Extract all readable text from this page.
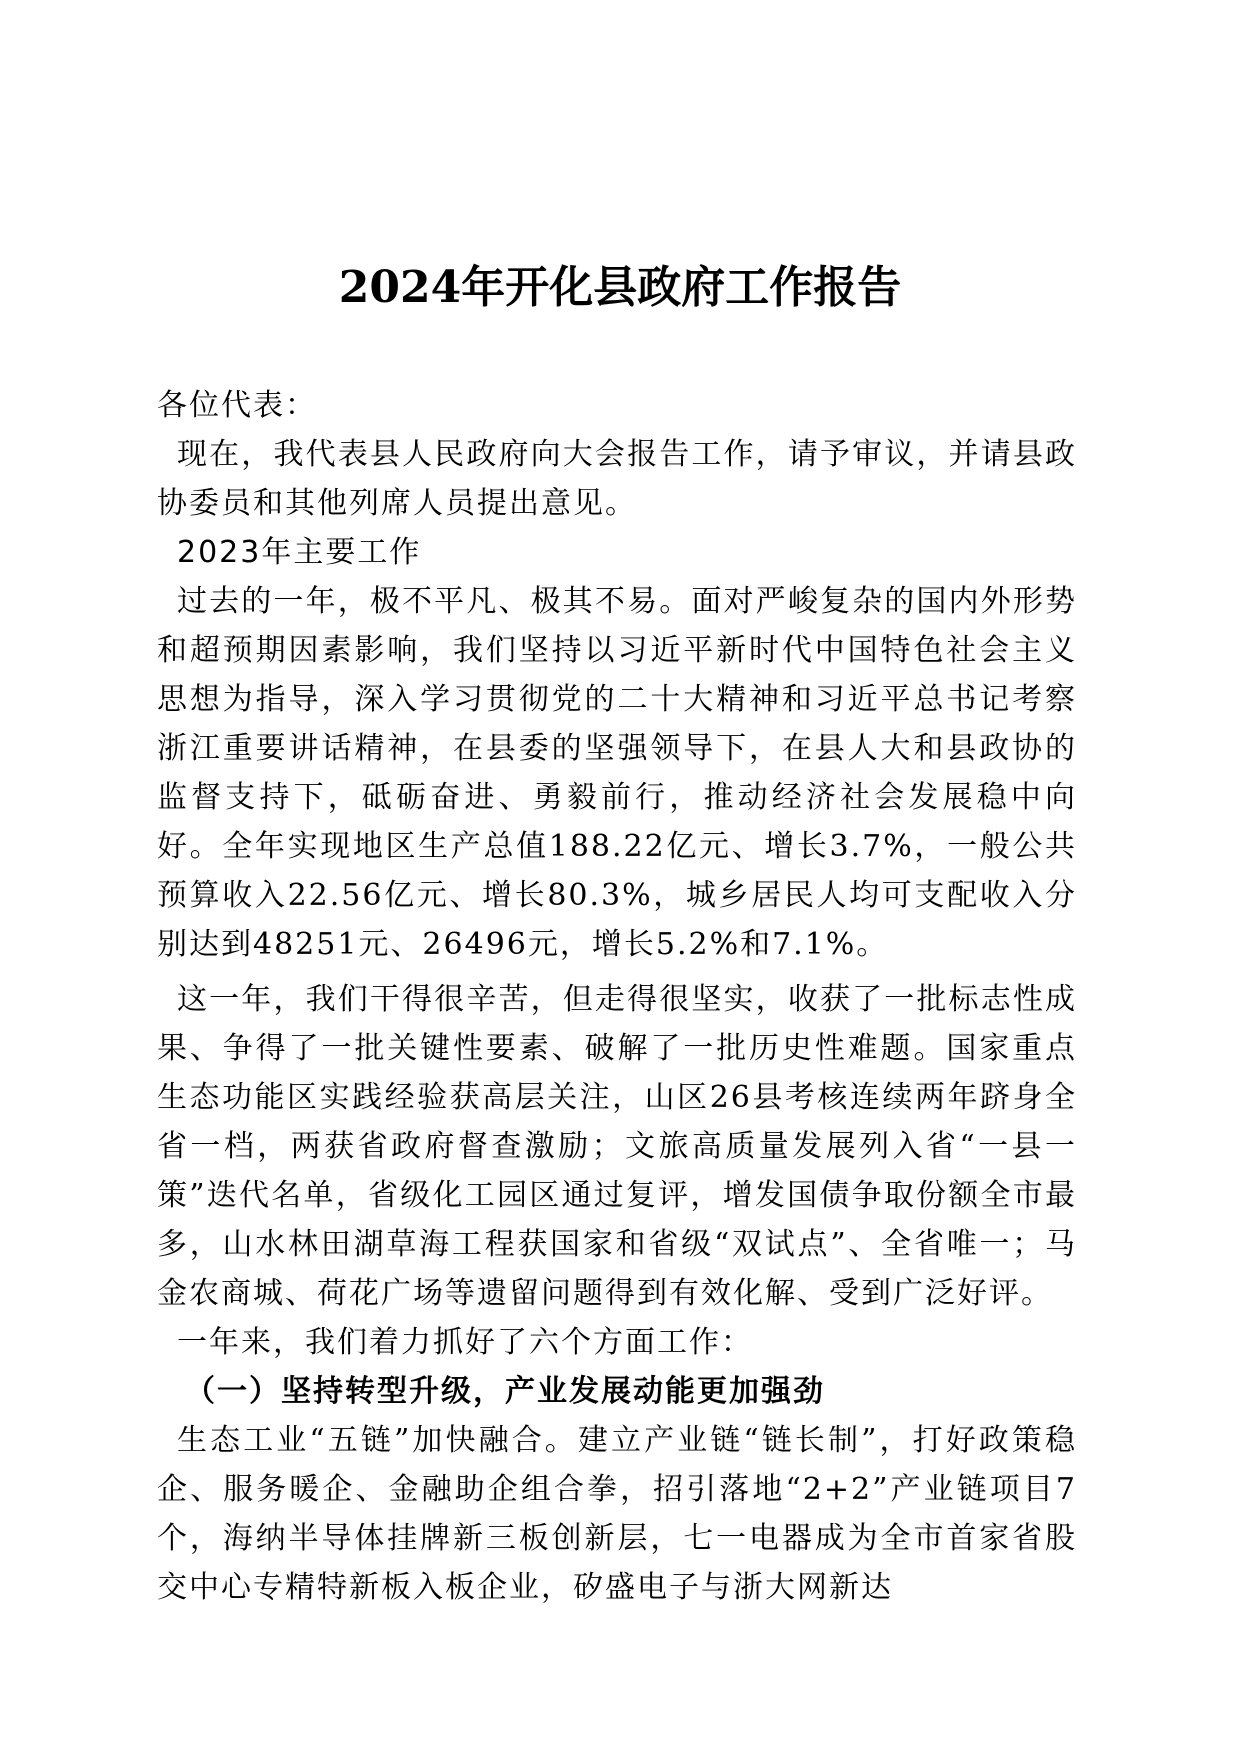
2024年开化县政府工作报告

各位代表：

现在，我代表县人民政府向大会报告工作，请予审议，并请县政协委员和其他列席人员提出意见。

2023年主要工作

过去的一年，极不平凡、极其不易。面对严峻复杂的国内外形势和超预期因素影响，我们坚持以习近平新时代中国特色社会主义思想为指导，深入学习贯彻党的二十大精神和习近平总书记考察浙江重要讲话精神，在县委的坚强领导下，在县人大和县政协的监督支持下，砥砺奋进、勇毅前行，推动经济社会发展稳中向好。全年实现地区生产总值188.22亿元、增长3.7%，一般公共预算收入22.56亿元、增长80.3%，城乡居民人均可支配收入分别达到48251元、26496元，增长5.2%和7.1%。

这一年，我们干得很辛苦，但走得很坚实，收获了一批标志性成果、争得了一批关键性要素、破解了一批历史性难题。国家重点生态功能区实践经验获高层关注，山区26县考核连续两年跻身全省一档，两获省政府督查激励；文旅高质量发展列入省“一县一策”迭代名单，省级化工园区通过复评，增发国债争取份额全市最多，山水林田湖草海工程获国家和省级“双试点”、全省唯一；马金农商城、荷花广场等遗留问题得到有效化解、受到广泛好评。

一年来，我们着力抓好了六个方面工作：

（一）坚持转型升级，产业发展动能更加强劲

生态工业“五链”加快融合。建立产业链“链长制”，打好政策稳企、服务暖企、金融助企组合拳，招引落地“2+2”产业链项目7个，海纳半导体挂牌新三板创新层，七一电器成为全市首家省股交中心专精特新板入板企业，矽盛电子与浙大网新达
